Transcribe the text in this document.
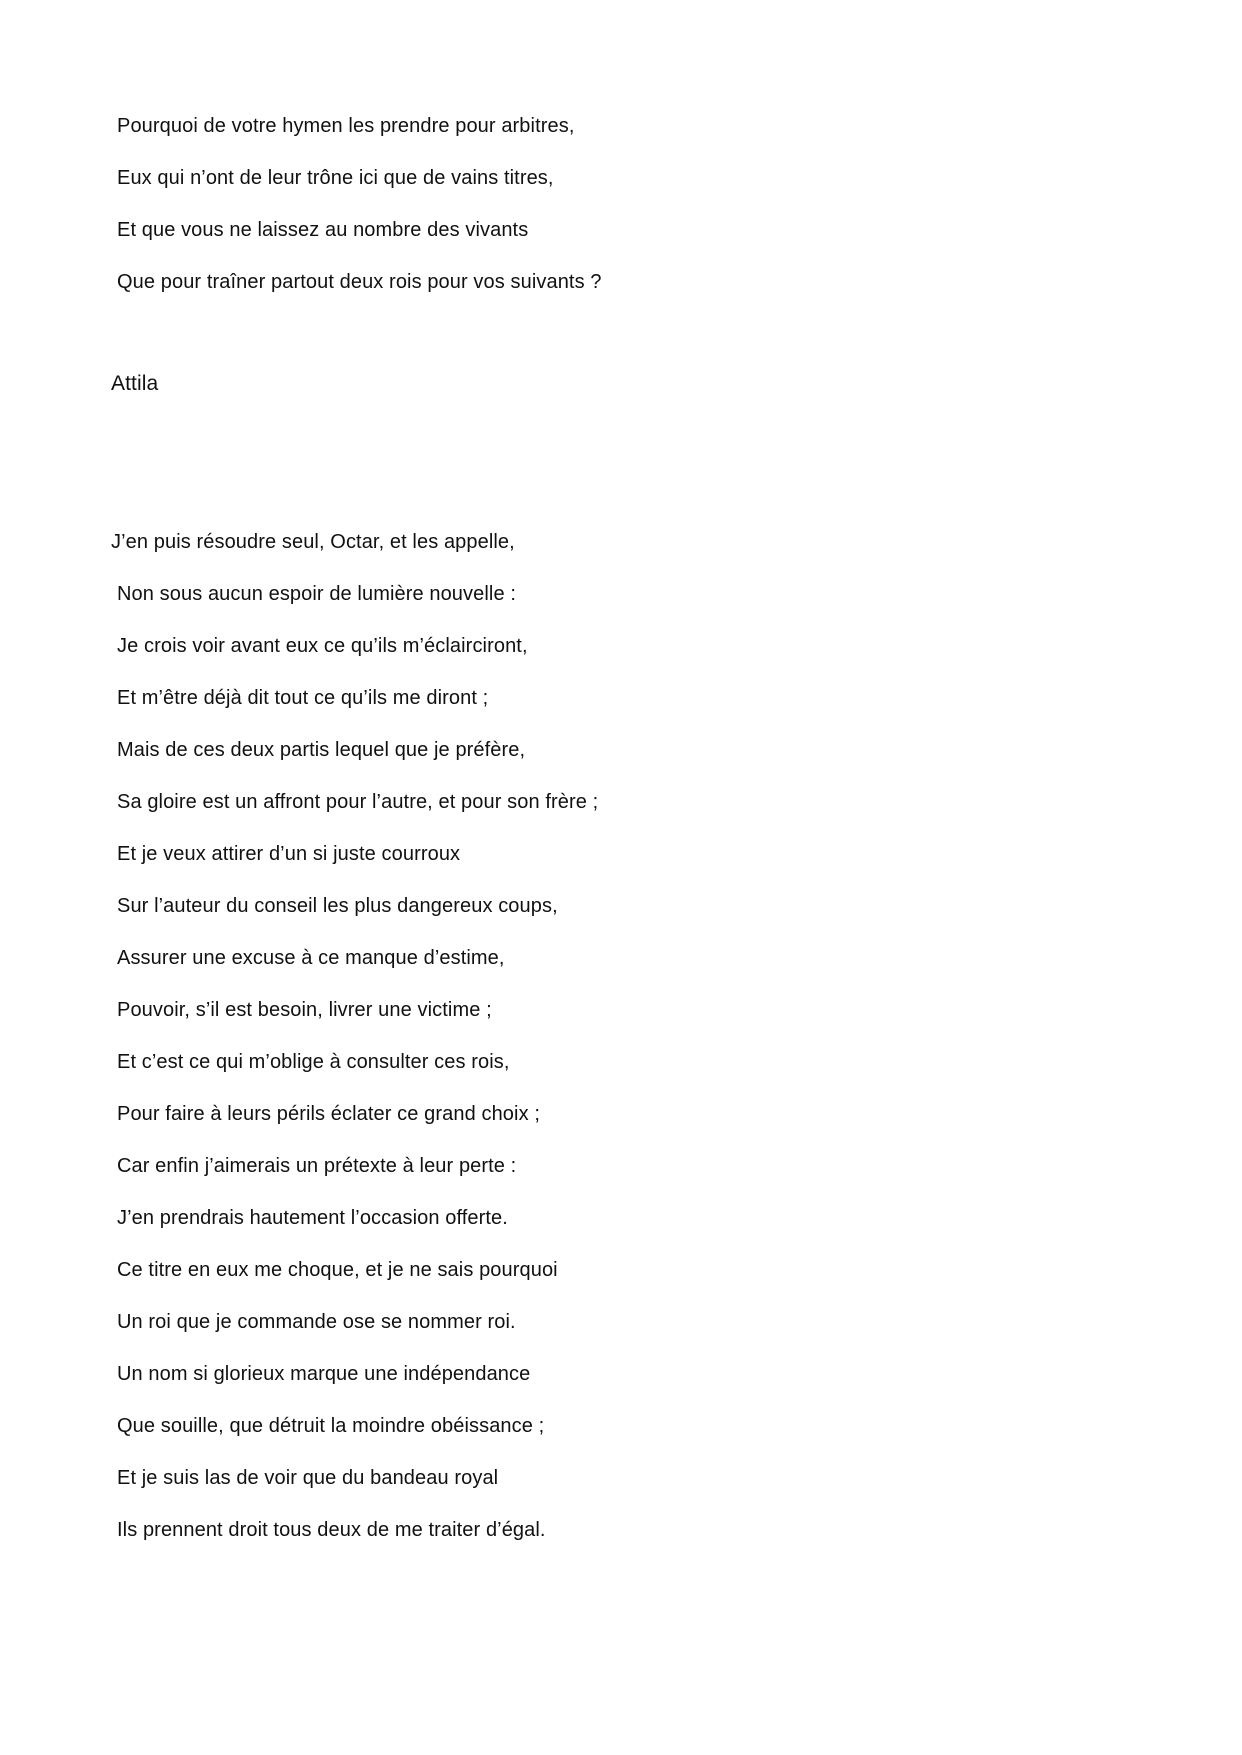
Pourquoi de votre hymen les prendre pour arbitres,
Eux qui n’ont de leur trône ici que de vains titres,
Et que vous ne laissez au nombre des vivants
Que pour traîner partout deux rois pour vos suivants ?
Attila
J’en puis résoudre seul, Octar, et les appelle,
Non sous aucun espoir de lumière nouvelle :
Je crois voir avant eux ce qu’ils m’éclairciront,
Et m’être déjà dit tout ce qu’ils me diront ;
Mais de ces deux partis lequel que je préfère,
Sa gloire est un affront pour l’autre, et pour son frère ;
Et je veux attirer d’un si juste courroux
Sur l’auteur du conseil les plus dangereux coups,
Assurer une excuse à ce manque d’estime,
Pouvoir, s’il est besoin, livrer une victime ;
Et c’est ce qui m’oblige à consulter ces rois,
Pour faire à leurs périls éclater ce grand choix ;
Car enfin j’aimerais un prétexte à leur perte :
J’en prendrais hautement l’occasion offerte.
Ce titre en eux me choque, et je ne sais pourquoi
Un roi que je commande ose se nommer roi.
Un nom si glorieux marque une indépendance
Que souille, que détruit la moindre obéissance ;
Et je suis las de voir que du bandeau royal
Ils prennent droit tous deux de me traiter d’égal.
